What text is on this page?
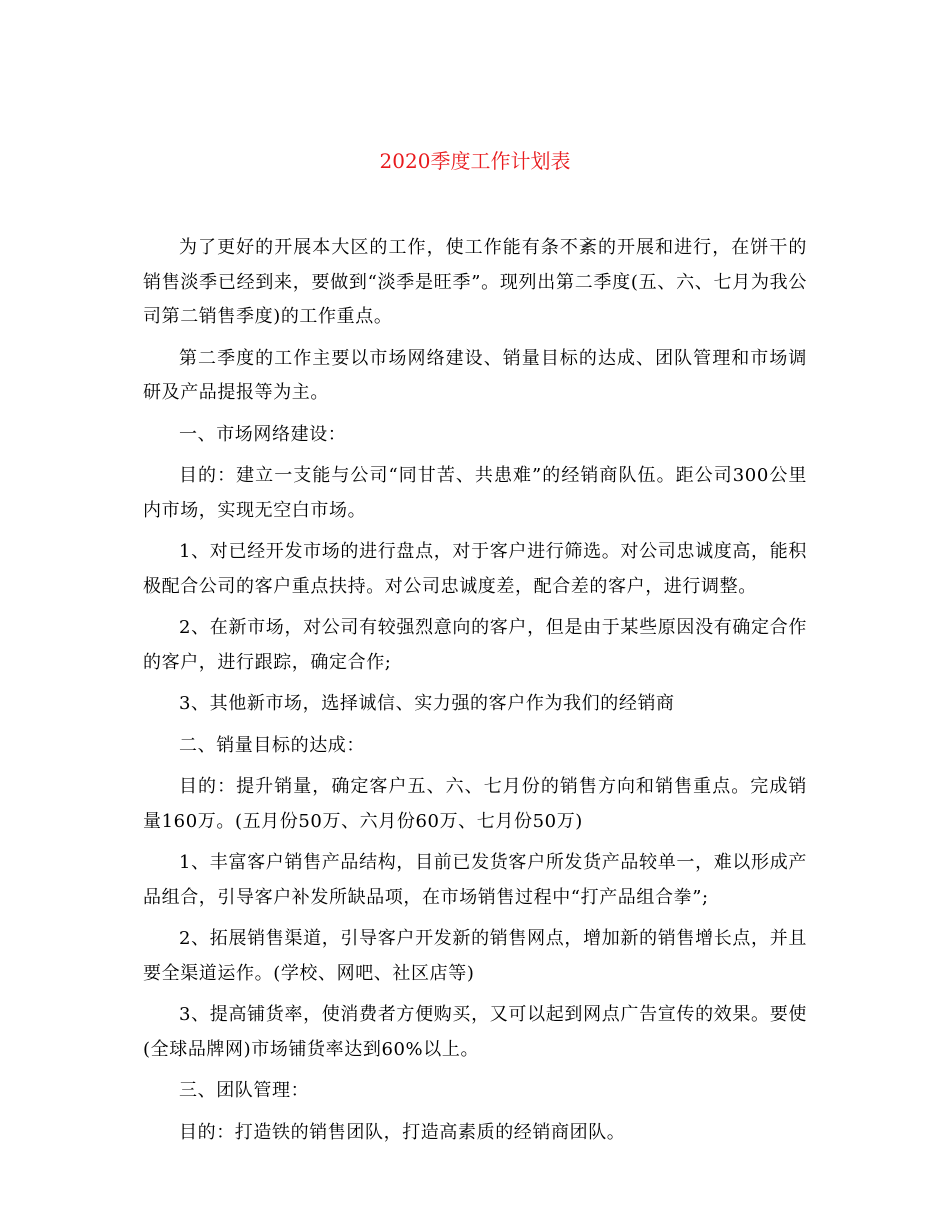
2020季度工作计划表

为了更好的开展本大区的工作，使工作能有条不紊的开展和进行，在饼干的销售淡季已经到来，要做到“淡季是旺季”。现列出第二季度(五、六、七月为我公司第二销售季度)的工作重点。

第二季度的工作主要以市场网络建设、销量目标的达成、团队管理和市场调研及产品提报等为主。

一、市场网络建设：

目的：建立一支能与公司“同甘苦、共患难”的经销商队伍。距公司300公里内市场，实现无空白市场。

1、对已经开发市场的进行盘点，对于客户进行筛选。对公司忠诚度高，能积极配合公司的客户重点扶持。对公司忠诚度差，配合差的客户，进行调整。

2、在新市场，对公司有较强烈意向的客户，但是由于某些原因没有确定合作的客户，进行跟踪，确定合作;

3、其他新市场，选择诚信、实力强的客户作为我们的经销商

二、销量目标的达成：

目的：提升销量，确定客户五、六、七月份的销售方向和销售重点。完成销量160万。(五月份50万、六月份60万、七月份50万)

1、丰富客户销售产品结构，目前已发货客户所发货产品较单一，难以形成产品组合，引导客户补发所缺品项，在市场销售过程中“打产品组合拳”;

2、拓展销售渠道，引导客户开发新的销售网点，增加新的销售增长点，并且要全渠道运作。(学校、网吧、社区店等)

3、提高铺货率，使消费者方便购买，又可以起到网点广告宣传的效果。要使(全球品牌网)市场铺货率达到60%以上。

三、团队管理：

目的：打造铁的销售团队，打造高素质的经销商团队。
